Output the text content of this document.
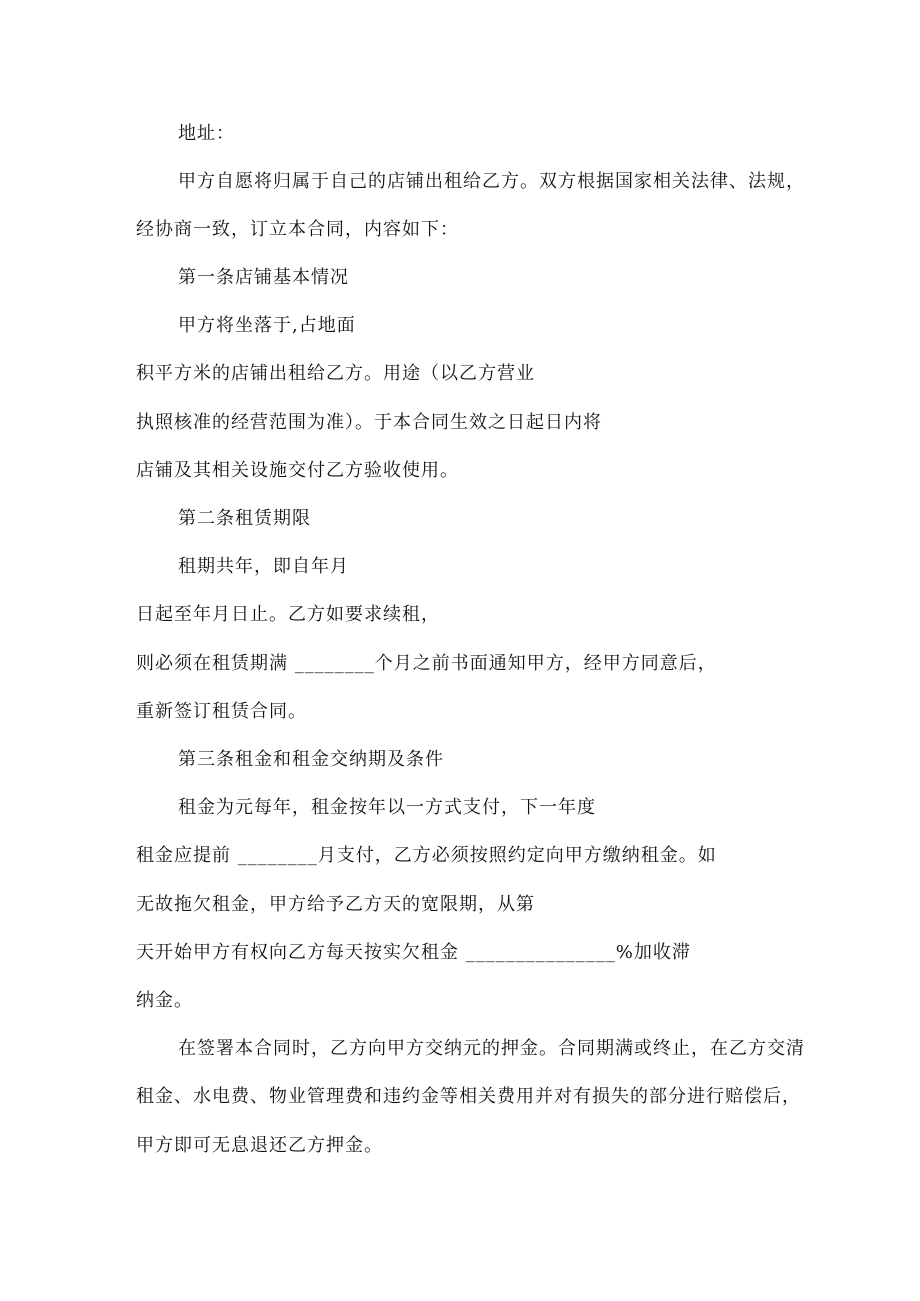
地址：
甲方自愿将归属于自己的店铺出租给乙方。双方根据国家相关法律、法规，
经协商一致，订立本合同，内容如下：
第一条店铺基本情况
甲方将坐落于,占地面
积平方米的店铺出租给乙方。用途（以乙方营业
执照核准的经营范围为准）。于本合同生效之日起日内将
店铺及其相关设施交付乙方验收使用。
第二条租赁期限
租期共年，即自年月
日起至年月日止。乙方如要求续租，
则必须在租赁期满 ________个月之前书面通知甲方，经甲方同意后，
重新签订租赁合同。
第三条租金和租金交纳期及条件
租金为元每年，租金按年以一方式支付，下一年度
租金应提前 ________月支付，乙方必须按照约定向甲方缴纳租金。如
无故拖欠租金，甲方给予乙方天的宽限期，从第
天开始甲方有权向乙方每天按实欠租金 _______________%加收滞
纳金。
在签署本合同时，乙方向甲方交纳元的押金。合同期满或终止，在乙方交清
租金、水电费、物业管理费和违约金等相关费用并对有损失的部分进行赔偿后，
甲方即可无息退还乙方押金。
